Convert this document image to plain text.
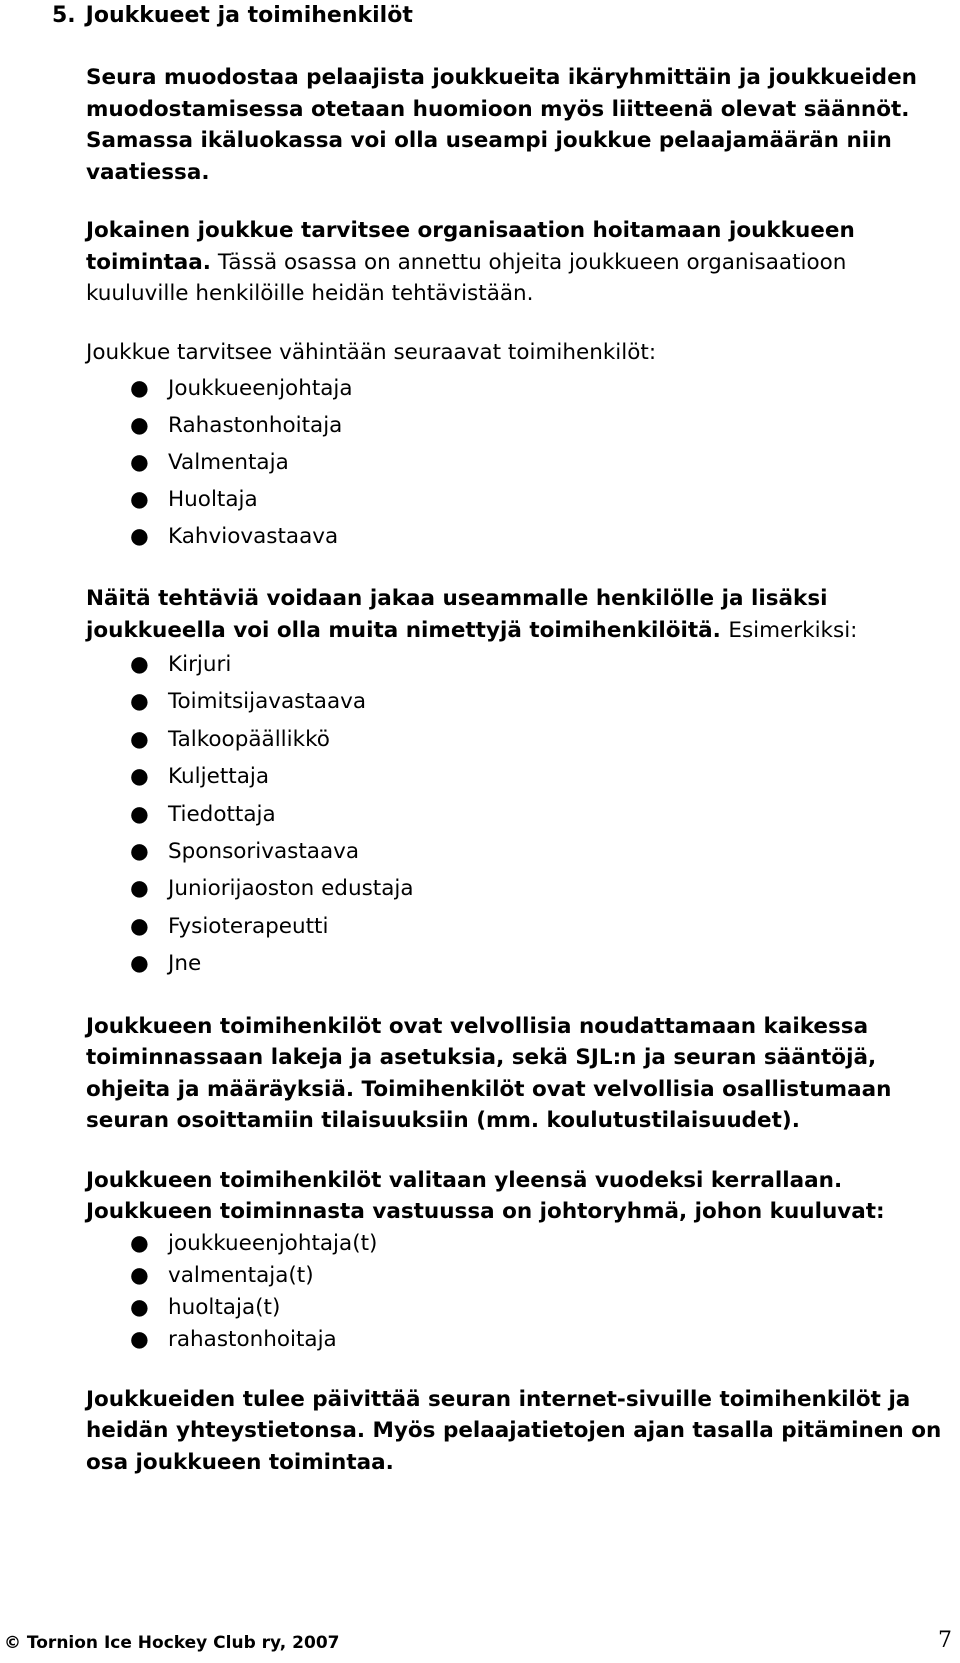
5. Joukkueet ja toimihenkilöt

Seura muodostaa pelaajista joukkueita ikäryhmittäin ja joukkueiden muodostamisessa otetaan huomioon myös liitteenä olevat säännöt. Samassa ikäluokassa voi olla useampi joukkue pelaajamäärän niin vaatiessa.

Jokainen joukkue tarvitsee organisaation hoitamaan joukkueen toimintaa. Tässä osassa on annettu ohjeita joukkueen organisaatioon kuuluville henkilöille heidän tehtävistään.

Joukkue tarvitsee vähintään seuraavat toimihenkilöt:

● Joukkueenjohtaja
● Rahastonhoitaja
● Valmentaja
● Huoltaja
● Kahviovastaava

Näitä tehtäviä voidaan jakaa useammalle henkilölle ja lisäksi joukkueella voi olla muita nimettyjä toimihenkilöitä. Esimerkiksi:

● Kirjuri
● Toimitsijavastaava
● Talkoopäällikkö
● Kuljettaja
● Tiedottaja
● Sponsorivastaava
● Juniorijaoston edustaja
● Fysioterapeutti
● Jne

Joukkueen toimihenkilöt ovat velvollisia noudattamaan kaikessa toiminnassaan lakeja ja asetuksia, sekä SJL:n ja seuran sääntöjä, ohjeita ja määräyksiä. Toimihenkilöt ovat velvollisia osallistumaan seuran osoittamiin tilaisuuksiin (mm. koulutustilaisuudet).

Joukkueen toimihenkilöt valitaan yleensä vuodeksi kerrallaan. Joukkueen toiminnasta vastuussa on johtoryhmä, johon kuuluvat:

● joukkueenjohtaja(t)
● valmentaja(t)
● huoltaja(t)
● rahastonhoitaja

Joukkueiden tulee päivittää seuran internet-sivuille toimihenkilöt ja heidän yhteystietonsa. Myös pelaajatietojen ajan tasalla pitäminen on osa joukkueen toimintaa.

© Tornion Ice Hockey Club ry, 2007	7
